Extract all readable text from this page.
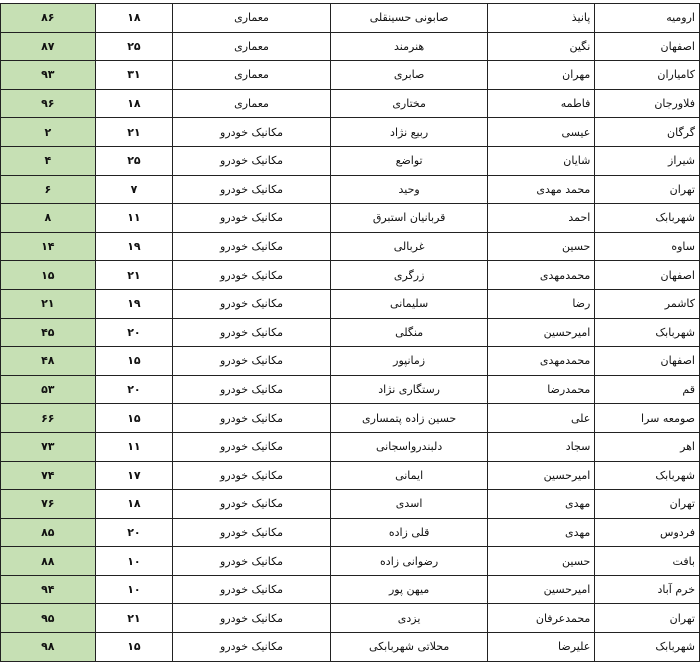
ارومیه	پانیذ	صابونی حسینقلی	معماری	۱۸	۸۶
اصفهان	نگین	هنرمند	معماری	۲۵	۸۷
کامیاران	مهران	صابری	معماری	۳۱	۹۳
فلاورجان	فاطمه	مختاری	معماری	۱۸	۹۶
گرگان	عیسی	ربیع نژاد	مکانیک خودرو	۲۱	۲
شیراز	شایان	تواضع	مکانیک خودرو	۲۵	۴
تهران	محمد مهدی	وحید	مکانیک خودرو	۷	۶
شهربابک	احمد	قربانیان استبرق	مکانیک خودرو	۱۱	۸
ساوه	حسین	غربالی	مکانیک خودرو	۱۹	۱۴
اصفهان	محمدمهدی	زرگری	مکانیک خودرو	۲۱	۱۵
کاشمر	رضا	سلیمانی	مکانیک خودرو	۱۹	۲۱
شهربابک	امیرحسین	منگلی	مکانیک خودرو	۲۰	۴۵
اصفهان	محمدمهدی	زمانپور	مکانیک خودرو	۱۵	۴۸
قم	محمدرضا	رستگاری نژاد	مکانیک خودرو	۲۰	۵۳
صومعه سرا	علی	حسین زاده پتمساری	مکانیک خودرو	۱۵	۶۶
اهر	سجاد	دلبندرواسجانی	مکانیک خودرو	۱۱	۷۳
شهربابک	امیرحسین	ایمانی	مکانیک خودرو	۱۷	۷۴
تهران	مهدی	اسدی	مکانیک خودرو	۱۸	۷۶
فردوس	مهدی	قلی زاده	مکانیک خودرو	۲۰	۸۵
بافت	حسین	رضوانی زاده	مکانیک خودرو	۱۰	۸۸
خرم آباد	امیرحسین	میهن پور	مکانیک خودرو	۱۰	۹۴
تهران	محمدعرفان	یزدی	مکانیک خودرو	۲۱	۹۵
شهربابک	علیرضا	محلاتی شهربابکی	مکانیک خودرو	۱۵	۹۸
